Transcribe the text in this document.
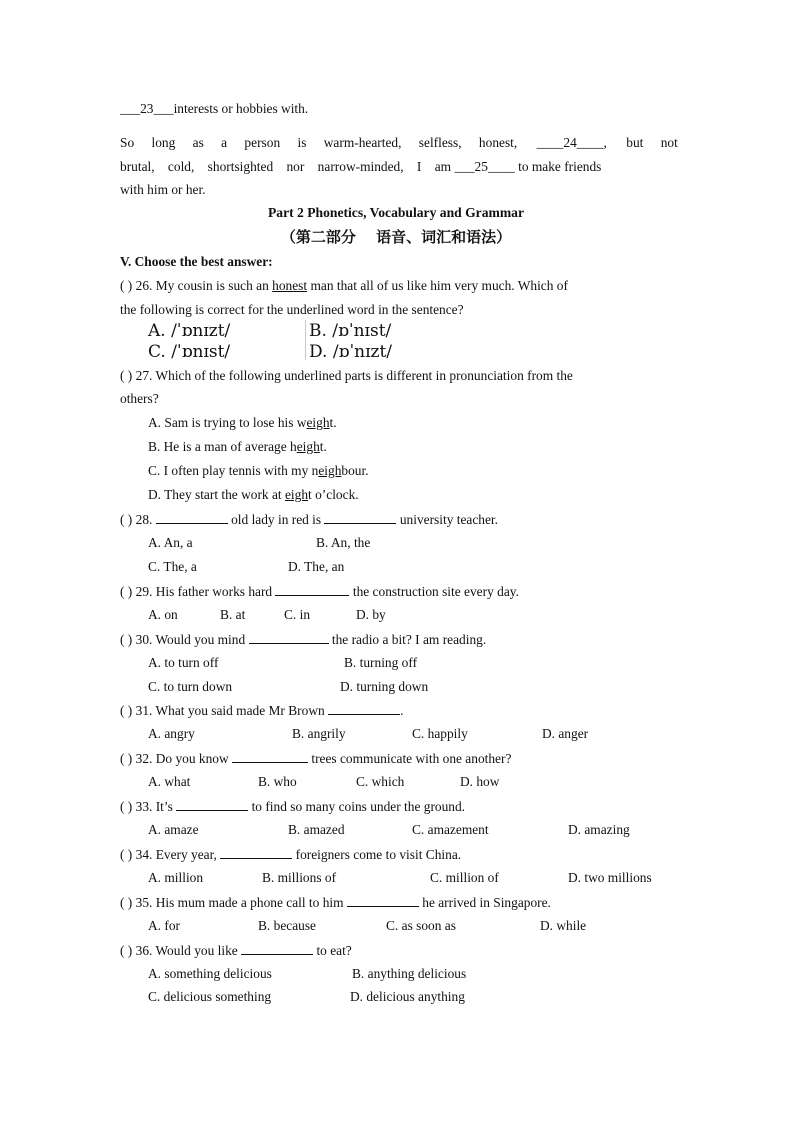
___23___interests or hobbies with.
So long as a person is warm-hearted, selfless, honest, ____24____, but not
brutal, cold, shortsighted nor narrow-minded, I am ___25____ to make friends
with him or her.
Part 2 Phonetics, Vocabulary and Grammar
（第二部分　 语音、词汇和语法）
V. Choose the best answer:
( ) 26. My cousin is such an honest man that all of us like him very much. Which of
the following is correct for the underlined word in the sentence?
A. /ˈɒnɪzt/	B. /ɒˈnɪst/
C. /ˈɒnɪst/	D. /ɒˈnɪzt/
( ) 27. Which of the following underlined parts is different in pronunciation from the
others?
A. Sam is trying to lose his weight.
B. He is a man of average height.
C. I often play tennis with my neighbour.
D. They start the work at eight o’clock.
( ) 28.	old lady in red is	university teacher.
A. An, a	B. An, the
C. The, a	D. The, an
( ) 29. His father works hard	the construction site every day.
A. on	B. at	C. in	D. by
( ) 30. Would you mind	the radio a bit? I am reading.
A. to turn off	B. turning off
C. to turn down	D. turning down
( ) 31. What you said made Mr Brown	.
A. angry	B. angrily	C. happily	D. anger
( ) 32. Do you know	trees communicate with one another?
A. what	B. who	C. which	D. how
( ) 33. It’s	to find so many coins under the ground.
A. amaze	B. amazed	C. amazement	D. amazing
( ) 34. Every year,	foreigners come to visit China.
A. million	B. millions of	C. million of	D. two millions
( ) 35. His mum made a phone call to him	he arrived in Singapore.
A. for	B. because	C. as soon as	D. while
( ) 36. Would you like	to eat?
A. something delicious	B. anything delicious
C. delicious something	D. delicious anything
